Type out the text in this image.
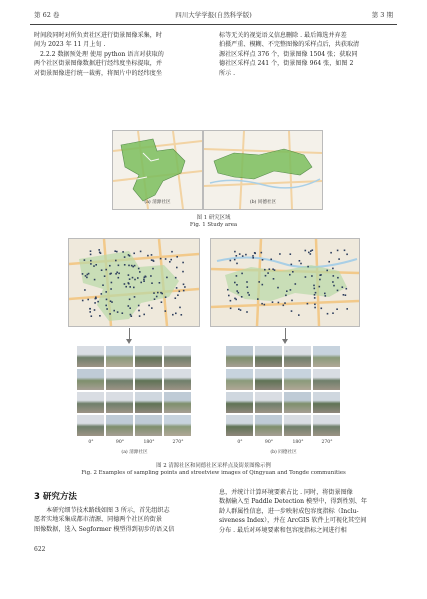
第 62 卷	四川大学学报(自然科学版)	第 3 期
时间段同时对所负责社区进行街景图像采集，时
间为 2023 年 11 月上旬 .
2.2.2 数据预处理 使用 python 语言对获取的
两个社区街景图像数据进行经纬度坐标提取，并
对街景图像进行统一裁剪，将图片中的经纬度坐
标等无关的视觉语义信息删除 . 最后筛选并弃差
拍摄严重、模糊、不完整图像的采样点后，共获取清
源社区采样点 376 个，街景图像 1504 张；获取同
德社区采样点 241 个，街景图像 964 张，如图 2
所示 .
(a) 清源社区	(b) 同德社区
图 1 研究区域
Fig. 1 Study area
0°	90°	180°	270°	0°	90°	180°	270°
(a) 清源社区	(b) 同德社区
图 2 清源社区和同德社区采样点及街景图像示例
Fig. 2 Examples of sampling points and streetview images of Qingyuan and Tongde communities
3 研究方法
本研究细节技术路线如图 3 所示，首先组织志
愿者实地采集成都市清源、同德两个社区的街景
图像数据，选入 Segformer 模型得到初步的语义信
息，并统计计算环境要素占比 . 同时，将街景图像
数据输入至 Paddle Detection 模型中，得到性别、年
龄人群属性信息，进一步映射成包容度指标（Inclu-
siveness Index），并在 ArcGIS 软件上可视化其空间
分布 . 最后对环境要素和包容度指标之间进行相
622
